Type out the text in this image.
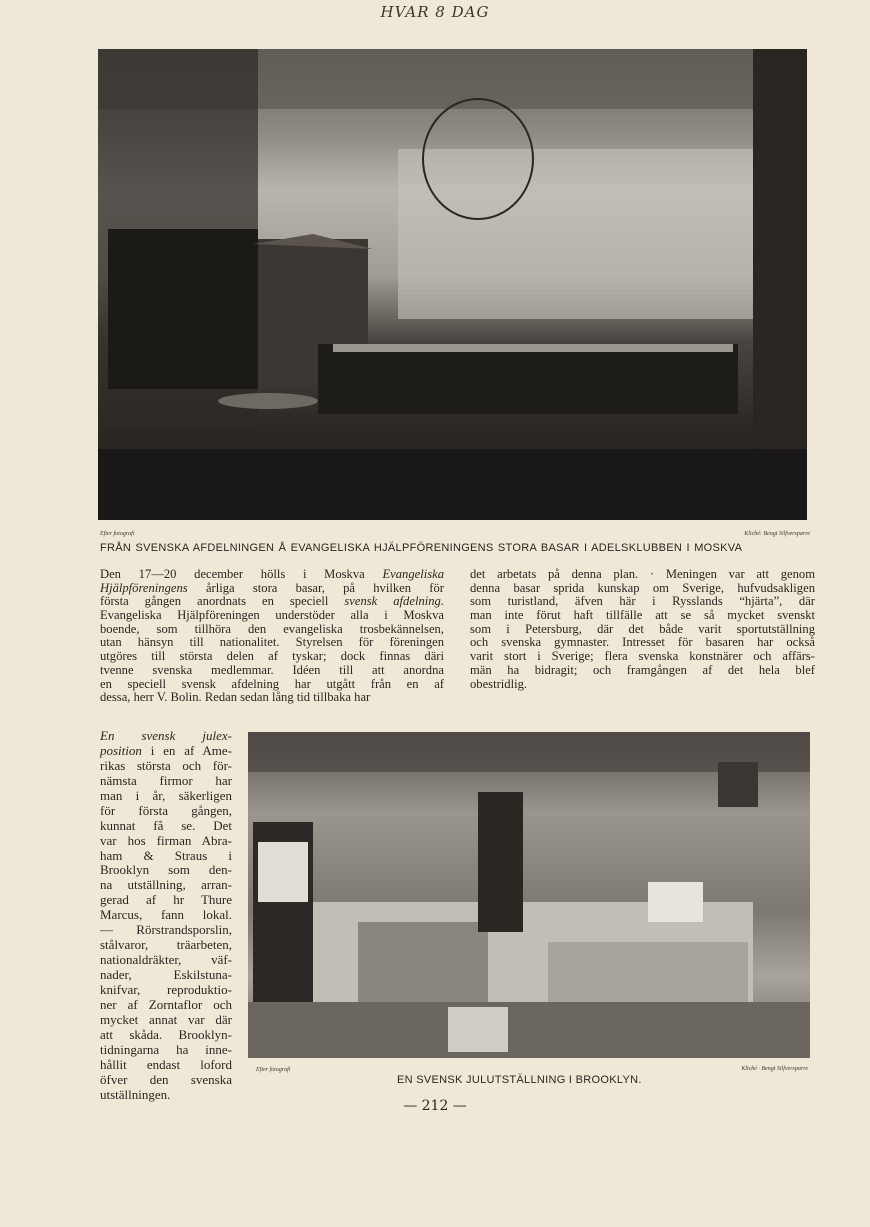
HVAR 8 DAG
Efter fotografi	Kliché: Bengt Silfversparre
FRÅN SVENSKA AFDELNINGEN Å EVANGELISKA HJÄLPFÖRENINGENS STORA BASAR I ADELSKLUBBEN I MOSKVA
Den 17—20 december hölls i Moskva Evangeliska
Hjälpföreningens årliga stora basar, på hvilken för
första gången anordnats en speciell svensk afdelning.
Evangeliska Hjälpföreningen understöder alla i Moskva
boende, som tillhöra den evangeliska trosbekännelsen,
utan hänsyn till nationalitet. Styrelsen för föreningen
utgöres till största delen af tyskar; dock finnas däri
tvenne svenska medlemmar. Idéen till att anordna
en speciell svensk afdelning har utgått från en af
dessa, herr V. Bolin. Redan sedan lång tid tillbaka har
det arbetats på denna plan. · Meningen var att genom
denna basar sprida kunskap om Sverige, hufvudsakligen
som turistland, äfven här i Rysslands “hjärta”, där
man inte förut haft tillfälle att se så mycket svenskt
som i Petersburg, där det både varit sportutställning
och svenska gymnaster. Intresset för basaren har också
varit stort i Sverige; flera svenska konstnärer och affärs-
män ha bidragit; och framgången af det hela blef
obestridlig.
En svensk julex-
position i en af Ame-
rikas största och för-
nämsta firmor har
man i år, säkerligen
för första gången,
kunnat få se. Det
var hos firman Abra-
ham & Straus i
Brooklyn som den-
na utställning, arran-
gerad af hr Thure
Marcus, fann lokal.
— Rörstrandsporslin,
stålvaror, träarbeten,
nationaldräkter, väf-
nader, Eskilstuna-
knifvar, reproduktio-
ner af Zorntaflor och
mycket annat var där
att skåda. Brooklyn-
tidningarna ha inne-
hållit endast loford
öfver den svenska
utställningen.
Efter fotografi	Kliché · Bengt Silfversparre
EN SVENSK JULUTSTÄLLNING I BROOKLYN.
— 212 —
